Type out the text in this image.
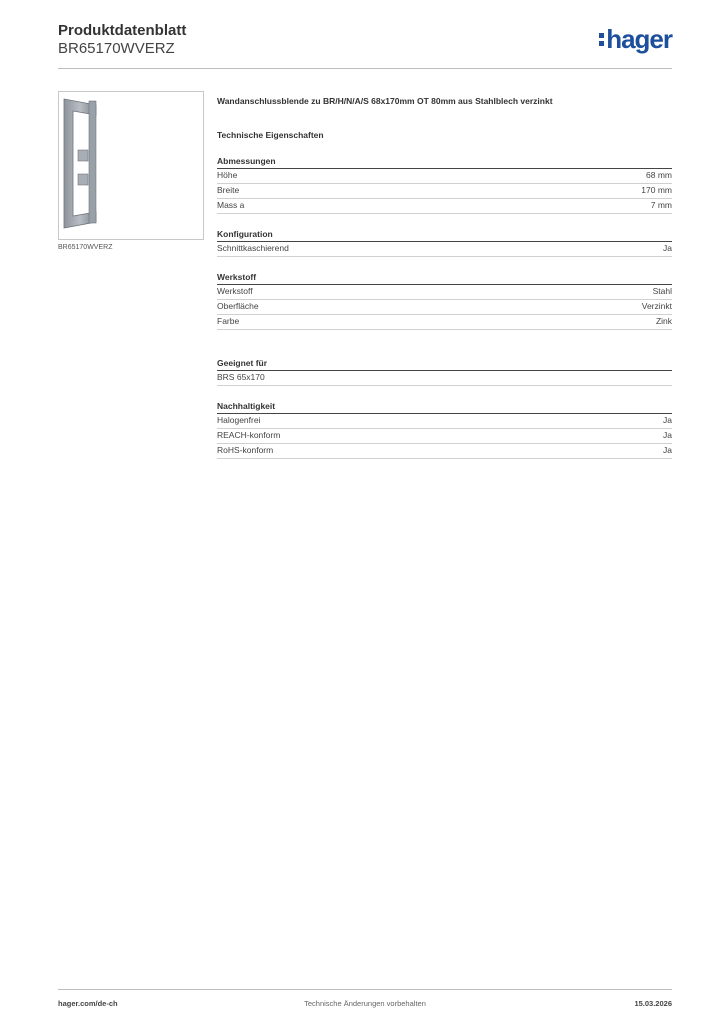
Produktdatenblatt
BR65170WVERZ	hager
BR65170WVERZ
Wandanschlussblende zu BR/H/N/A/S 68x170mm OT 80mm aus Stahlblech verzinkt
Technische Eigenschaften
Abmessungen
Höhe	68 mm
Breite	170 mm
Mass a	7 mm
Konfiguration
Schnittkaschierend	Ja
Werkstoff
Werkstoff	Stahl
Oberfläche	Verzinkt
Farbe	Zink
Geeignet für
BRS 65x170
Nachhaltigkeit
Halogenfrei	Ja
REACH-konform	Ja
RoHS-konform	Ja
hager.com/de-ch	Technische Änderungen vorbehalten	15.03.2026
